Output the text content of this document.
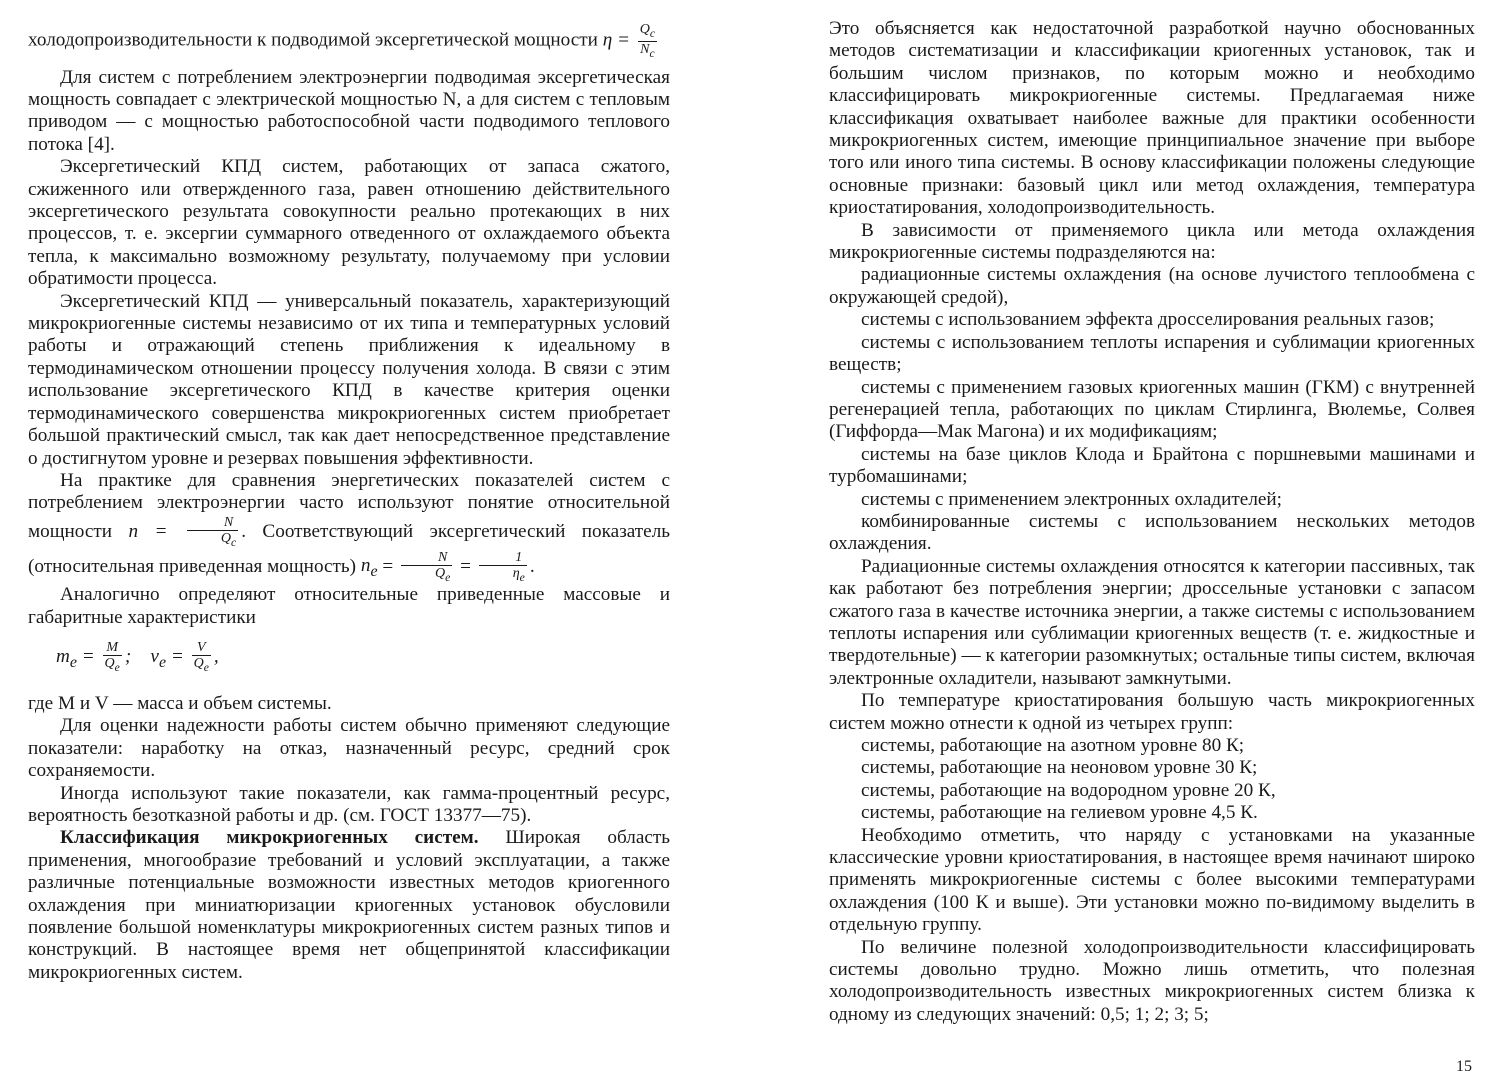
холодопроизводительности к подводимой эксергетической мощности $\eta = \frac{Q_c}{N_c}$

Для систем с потреблением электроэнергии подводимая эксергетическая мощность совпадает с электрической мощностью N, а для систем с тепловым приводом — с мощностью работоспособной части подводимого теплового потока [4].

Эксергетический КПД систем, работающих от запаса сжатого, сжиженного или отвержденного газа, равен отношению действительного эксергетического результата совокупности реально протекающих в них процессов, т. е. эксергии суммарного отведенного от охлаждаемого объекта тепла, к максимально возможному результату, получаемому при условии обратимости процесса.

Эксергетический КПД — универсальный показатель, характеризующий микрокриогенные системы независимо от их типа и температурных условий работы и отражающий степень приближения к идеальному в термодинамическом отношении процессу получения холода. В связи с этим использование эксергетического КПД в качестве критерия оценки термодинамического совершенства микрокриогенных систем приобретает большой практический смысл, так как дает непосредственное представление о достигнутом уровне и резервах повышения эффективности.

На практике для сравнения энергетических показателей систем с потреблением электроэнергии часто используют понятие относительной мощности $n = \frac{N}{Q_c}$ . Соответствующий эксергетический показатель (относительная приведенная мощность) $n_e = \frac{N}{Q_e} = \frac{1}{\eta_e}$ .

Аналогично определяют относительные приведенные массовые и габаритные характеристики

$m_e = \frac{M}{Q_e}$ ;    $v_e = \frac{V}{Q_e}$ ,

где M и V — масса и объем системы.

Для оценки надежности работы систем обычно применяют следующие показатели: наработку на отказ, назначенный ресурс, средний срок сохраняемости.

Иногда используют такие показатели, как гамма-процентный ресурс, вероятность безотказной работы и др. (см. ГОСТ 13377—75).

Классификация микрокриогенных систем. Широкая область применения, многообразие требований и условий эксплуатации, а также различные потенциальные возможности известных методов криогенного охлаждения при миниатюризации криогенных установок обусловили появление большой номенклатуры микрокриогенных систем разных типов и конструкций. В настоящее время нет общепринятой классификации микрокриогенных систем.

Это объясняется как недостаточной разработкой научно обоснованных методов систематизации и классификации криогенных установок, так и большим числом признаков, по которым можно и необходимо классифицировать микрокриогенные системы. Предлагаемая ниже классификация охватывает наиболее важные для практики особенности микрокриогенных систем, имеющие принципиальное значение при выборе того или иного типа системы. В основу классификации положены следующие основные признаки: базовый цикл или метод охлаждения, температура криостатирования, холодопроизводительность.

В зависимости от применяемого цикла или метода охлаждения микрокриогенные системы подразделяются на:

радиационные системы охлаждения (на основе лучистого теплообмена с окружающей средой),

системы с использованием эффекта дросселирования реальных газов;

системы с использованием теплоты испарения и сублимации криогенных веществ;

системы с применением газовых криогенных машин (ГКМ) с внутренней регенерацией тепла, работающих по циклам Стирлинга, Вюлемье, Солвея (Гиффорда—Мак Магона) и их модификациям;

системы на базе циклов Клода и Брайтона с поршневыми машинами и турбомашинами;

системы с применением электронных охладителей;

комбинированные системы с использованием нескольких методов охлаждения.

Радиационные системы охлаждения относятся к категории пассивных, так как работают без потребления энергии; дроссельные установки с запасом сжатого газа в качестве источника энергии, а также системы с использованием теплоты испарения или сублимации криогенных веществ (т. е. жидкостные и твердотельные) — к категории разомкнутых; остальные типы систем, включая электронные охладители, называют замкнутыми.

По температуре криостатирования большую часть микрокриогенных систем можно отнести к одной из четырех групп:

системы, работающие на азотном уровне 80 К;

системы, работающие на неоновом уровне 30 К;

системы, работающие на водородном уровне 20 К,

системы, работающие на гелиевом уровне 4,5 К.

Необходимо отметить, что наряду с установками на указанные классические уровни криостатирования, в настоящее время начинают широко применять микрокриогенные системы с более высокими температурами охлаждения (100 К и выше). Эти установки можно по-видимому выделить в отдельную группу.

По величине полезной холодопроизводительности классифицировать системы довольно трудно. Можно лишь отметить, что полезная холодопроизводительность известных микрокриогенных систем близка к одному из следующих значений: 0,5; 1; 2; 3; 5;

15
